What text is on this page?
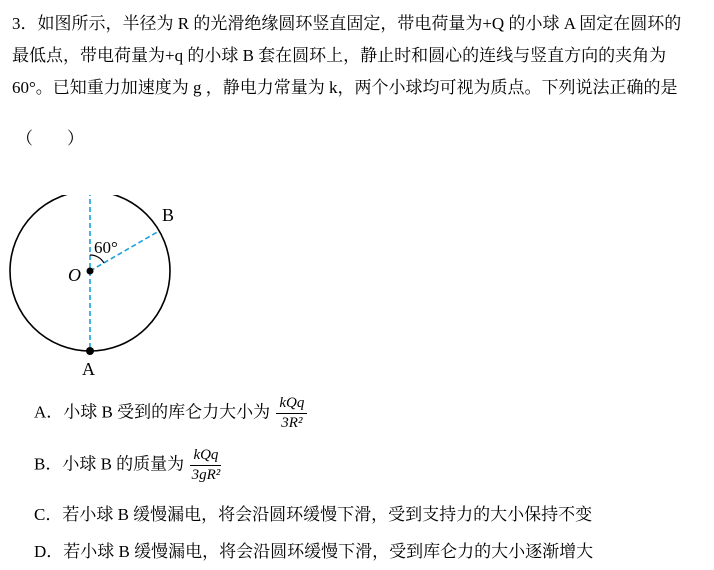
3．如图所示，半径为 R 的光滑绝缘圆环竖直固定，带电荷量为+Q 的小球 A 固定在圆环的

最低点，带电荷量为+q 的小球 B 套在圆环上，静止时和圆心的连线与竖直方向的夹角为

60°。已知重力加速度为 g ，静电力常量为 k，两个小球均可视为质点。下列说法正确的是

（　　）
B
A
O
60°
A．小球 B 受到的库仑力大小为 $\frac{\text{kQq}}{\text{3R²}}$
B．小球 B 的质量为 $\frac{\text{kQq}}{\text{3gR²}}$
C．若小球 B 缓慢漏电，将会沿圆环缓慢下滑，受到支持力的大小保持不变
D．若小球 B 缓慢漏电，将会沿圆环缓慢下滑，受到库仑力的大小逐渐增大
